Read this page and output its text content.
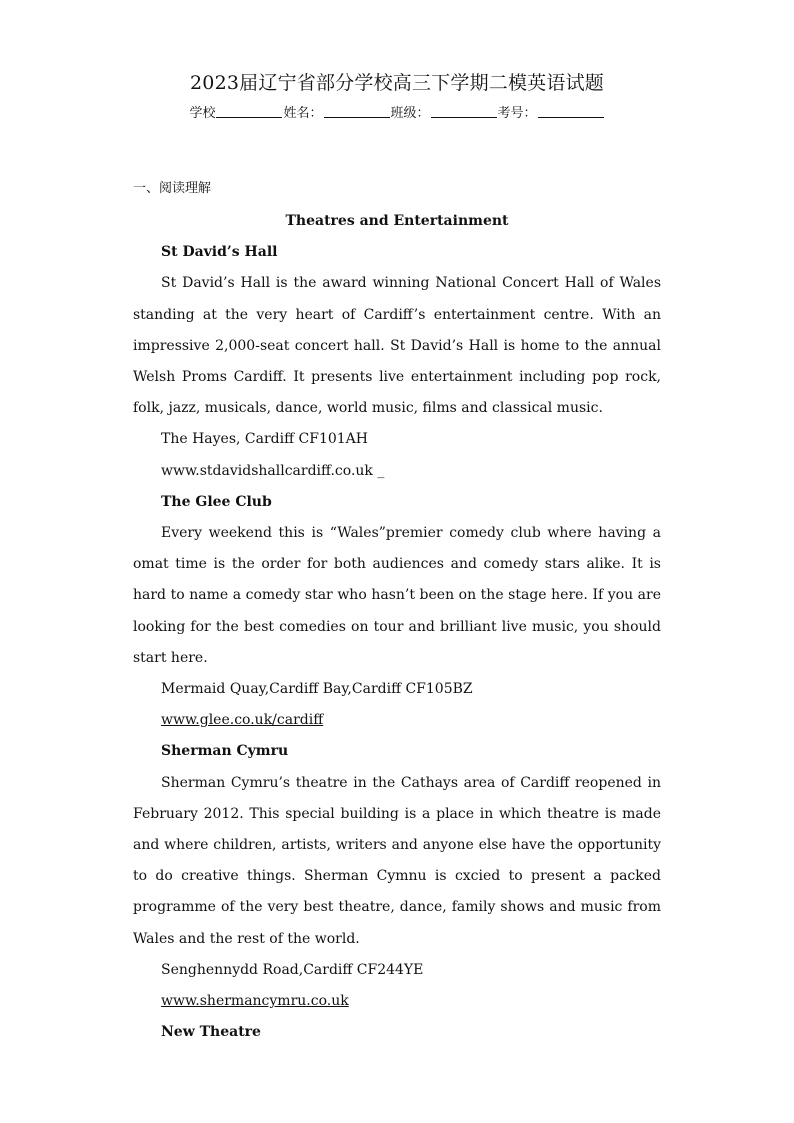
2023届辽宁省部分学校高三下学期二模英语试题
学校	姓名：	班级：	考号：
一、阅读理解

Theatres and Entertainment

St David’s Hall

St David’s Hall is the award winning National Concert Hall of Wales standing at the very heart of Cardiff’s entertainment centre. With an impressive 2,000-seat concert hall. St David’s Hall is home to the annual Welsh Proms Cardiff. It presents live entertainment including pop rock, folk, jazz, musicals, dance, world music, films and classical music.

The Hayes, Cardiff CF101AH

www.stdavidshallcardiff.co.uk _

The Glee Club

Every weekend this is “Wales”premier comedy club where having a omat time is the order for both audiences and comedy stars alike. It is hard to name a comedy star who hasn’t been on the stage here. If you are looking for the best comedies on tour and brilliant live music, you should start here.

Mermaid Quay,Cardiff Bay,Cardiff CF105BZ

www.glee.co.uk/cardiff

Sherman Cymru

Sherman Cymru’s theatre in the Cathays area of Cardiff reopened in February 2012. This special building is a place in which theatre is made and where children, artists, writers and anyone else have the opportunity to do creative things. Sherman Cymnu is cxcied to present a packed programme of the very best theatre, dance, family shows and music from Wales and the rest of the world.

Senghennydd Road,Cardiff CF244YE

www.shermancymru.co.uk

New Theatre
